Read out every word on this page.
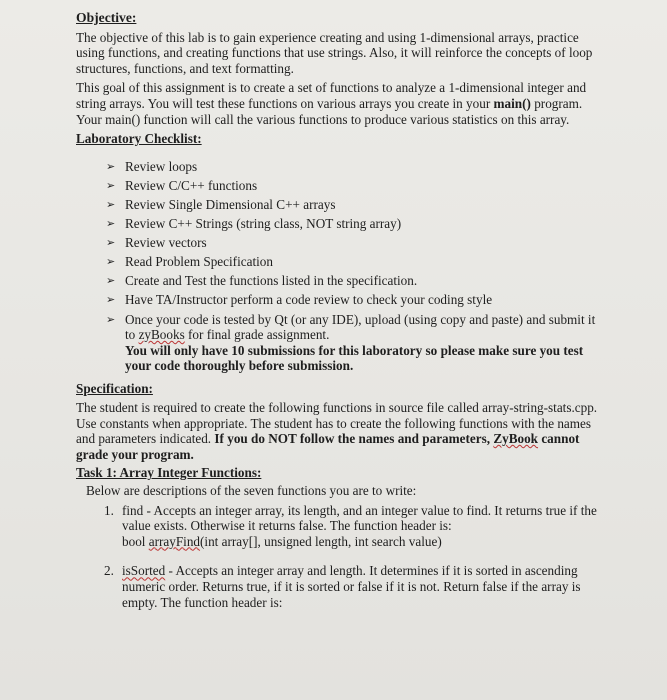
Objective:

The objective of this lab is to gain experience creating and using 1-dimensional arrays, practice using functions, and creating functions that use strings. Also, it will reinforce the concepts of loop structures, functions, and text formatting.

This goal of this assignment is to create a set of functions to analyze a 1-dimensional integer and string arrays. You will test these functions on various arrays you create in your main() program. Your main() function will call the various functions to produce various statistics on this array.

Laboratory Checklist:
➢ Review loops
➢ Review C/C++ functions
➢ Review Single Dimensional C++ arrays
➢ Review C++ Strings (string class, NOT string array)
➢ Review vectors
➢ Read Problem Specification
➢ Create and Test the functions listed in the specification.
➢ Have TA/Instructor perform a code review to check your coding style
➢ Once your code is tested by Qt (or any IDE), upload (using copy and paste) and submit it to zyBooks for final grade assignment.
You will only have 10 submissions for this laboratory so please make sure you test your code thoroughly before submission.
Specification:

The student is required to create the following functions in source file called array-string-stats.cpp. Use constants when appropriate. The student has to create the following functions with the names and parameters indicated. If you do NOT follow the names and parameters, ZyBook cannot grade your program.

Task 1: Array Integer Functions:

Below are descriptions of the seven functions you are to write:

1. find - Accepts an integer array, its length, and an integer value to find. It returns true if the value exists. Otherwise it returns false. The function header is:
bool arrayFind(int array[], unsigned length, int search value)
2. isSorted - Accepts an integer array and length. It determines if it is sorted in ascending numeric order. Returns true, if it is sorted or false if it is not. Return false if the array is empty. The function header is:
